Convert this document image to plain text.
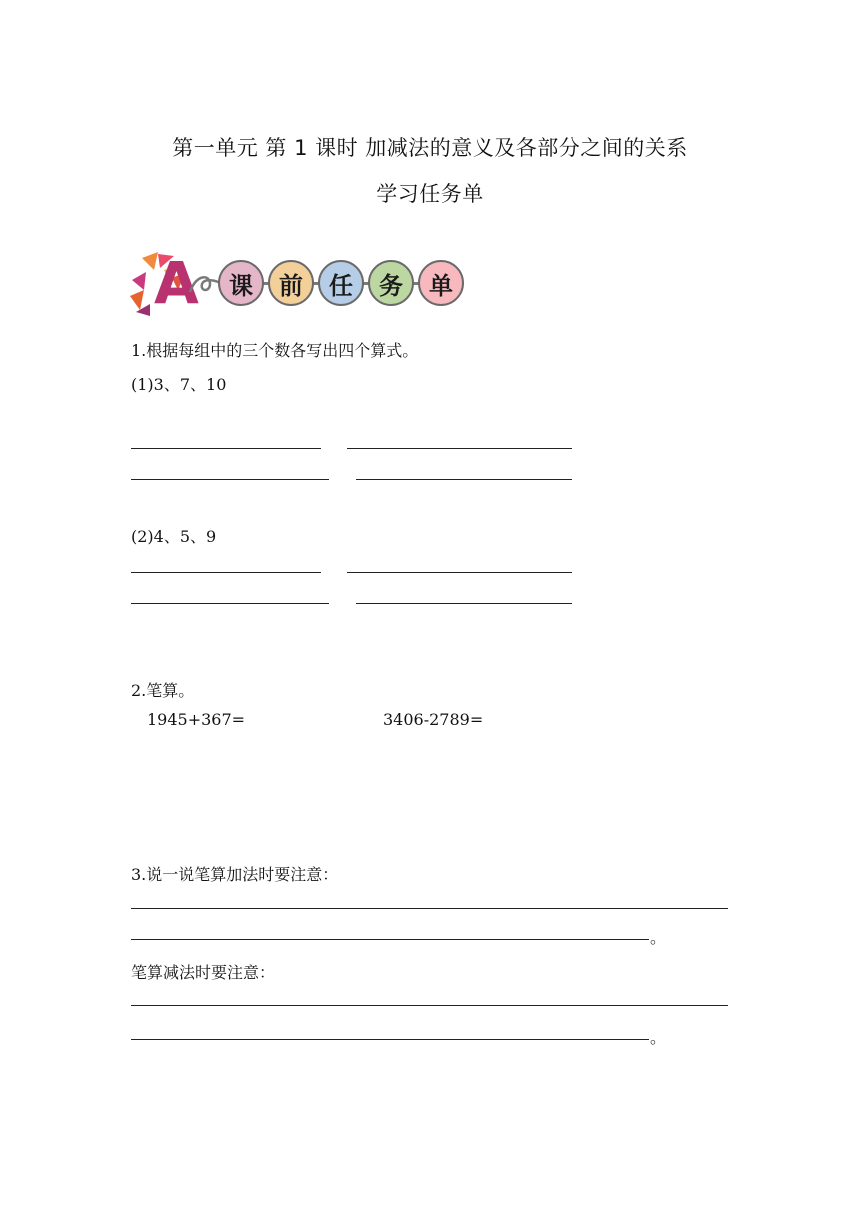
第一单元 第 1 课时 加减法的意义及各部分之间的关系
学习任务单
A	课	前	任	务	单
1.根据每组中的三个数各写出四个算式。
(1)3、7、10
(2)4、5、9
2.笔算。
1945+367=	3406-2789=
3.说一说笔算加法时要注意：
。
笔算减法时要注意：
。
